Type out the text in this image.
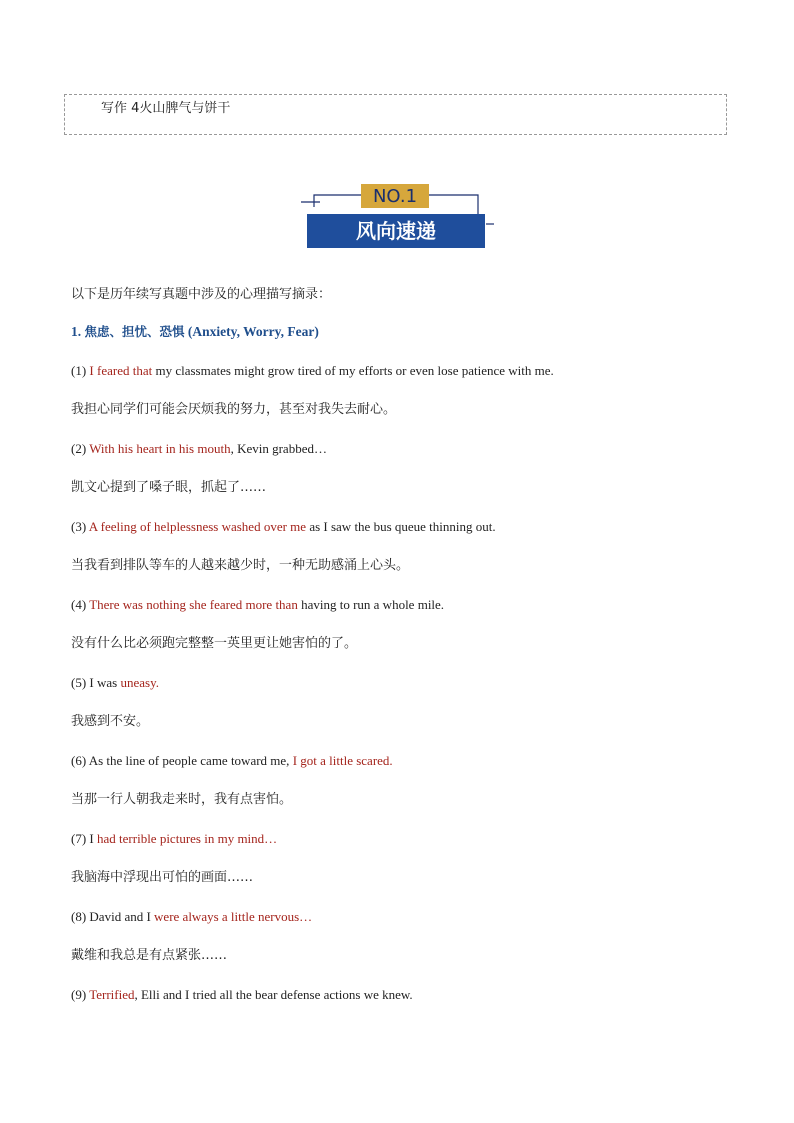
写作 4火山脾气与饼干
NO.1
风向速递
以下是历年续写真题中涉及的心理描写摘录：
1. 焦虑、担忧、恐惧 (Anxiety, Worry, Fear)
(1) I feared that my classmates might grow tired of my efforts or even lose patience with me.
我担心同学们可能会厌烦我的努力，甚至对我失去耐心。
(2) With his heart in his mouth, Kevin grabbed…
凯文心提到了嗓子眼，抓起了……
(3) A feeling of helplessness washed over me as I saw the bus queue thinning out.
当我看到排队等车的人越来越少时，一种无助感涌上心头。
(4) There was nothing she feared more than having to run a whole mile.
没有什么比必须跑完整整一英里更让她害怕的了。
(5) I was uneasy.
我感到不安。
(6) As the line of people came toward me, I got a little scared.
当那一行人朝我走来时，我有点害怕。
(7) I had terrible pictures in my mind…
我脑海中浮现出可怕的画面……
(8) David and I were always a little nervous…
戴维和我总是有点紧张……
(9) Terrified, Elli and I tried all the bear defense actions we knew.
